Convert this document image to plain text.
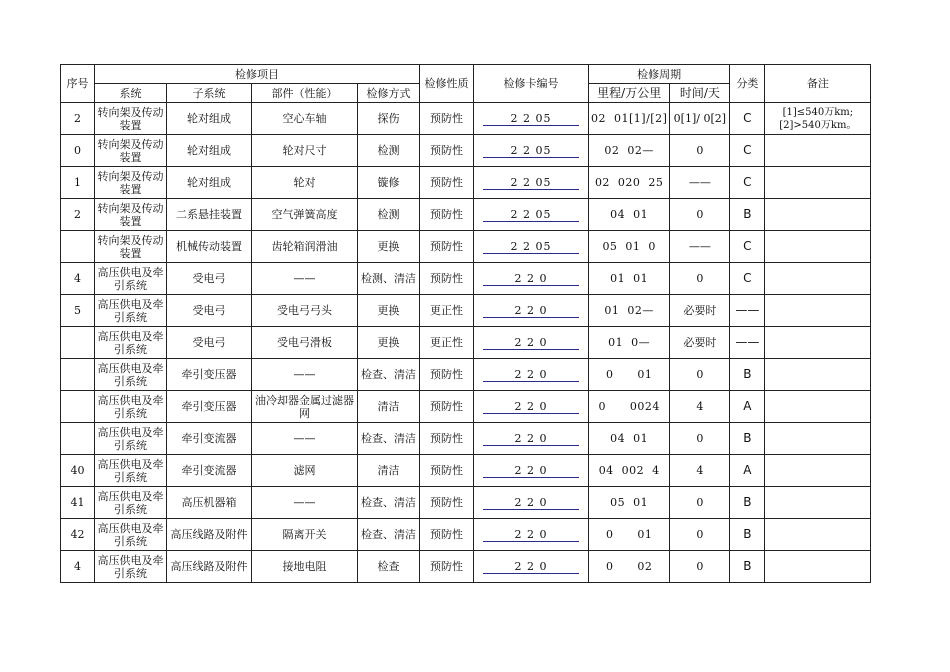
序号	检修项目				检修性质	检修卡编号	检修周期		分类	备注
	系统	子系统	部件（性能）	检修方式			里程/万公里	时间/天		
2	转向架及传动装置	轮对组成	空心车轴	探伤	预防性	2 2 05	02  01[1]/[2]	0[1]/ 0[2]	C	[1]≤540万km;
[2]>540万km。
0	转向架及传动装置	轮对组成	轮对尺寸	检测	预防性	2 2 05	02  02—	0	C	
1	转向架及传动装置	轮对组成	轮对	镟修	预防性	2 2 05	02  020  25	——	C	
2	转向架及传动装置	二系悬挂装置	空气弹簧高度	检测	预防性	2 2 05	04  01	0	B	
	转向架及传动装置	机械传动装置	齿轮箱润滑油	更换	预防性	2 2 05	05  01  0	——	C	
4	高压供电及牵引系统	受电弓	——	检测、清洁	预防性	2 2 0	01  01	0	C	
5	高压供电及牵引系统	受电弓	受电弓弓头	更换	更正性	2 2 0	01  02—	必要时	——	
	高压供电及牵引系统	受电弓	受电弓滑板	更换	更正性	2 2 0	01  0—	必要时	——	
	高压供电及牵引系统	牵引变压器	——	检查、清洁	预防性	2 2 0	0      01	0	B	
	高压供电及牵引系统	牵引变压器	油冷却器金属过滤器网	清洁	预防性	2 2 0	0      0024	4	A	
	高压供电及牵引系统	牵引变流器	——	检查、清洁	预防性	2 2 0	04  01	0	B	
40	高压供电及牵引系统	牵引变流器	滤网	清洁	预防性	2 2 0	04  002  4	4	A	
41	高压供电及牵引系统	高压机器箱	——	检查、清洁	预防性	2 2 0	05  01	0	B	
42	高压供电及牵引系统	高压线路及附件	隔离开关	检查、清洁	预防性	2 2 0	0      01	0	B	
4	高压供电及牵引系统	高压线路及附件	接地电阻	检查	预防性	2 2 0	0      02	0	B	
